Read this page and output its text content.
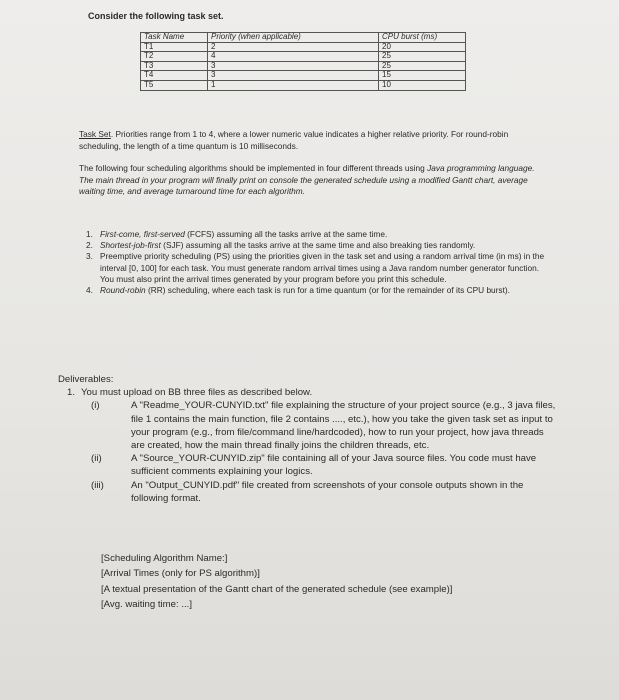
Consider the following task set.
Task Name	Priority (when applicable)	CPU burst (ms)
T1	2	20
T2	4	25
T3	3	25
T4	3	15
T5	1	10
Task Set. Priorities range from 1 to 4, where a lower numeric value indicates a higher relative priority. For round-robin scheduling, the length of a time quantum is 10 milliseconds.
The following four scheduling algorithms should be implemented in four different threads using Java programming language. The main thread in your program will finally print on console the generated schedule using a modified Gantt chart, average waiting time, and average turnaround time for each algorithm.
1. First-come, first-served (FCFS) assuming all the tasks arrive at the same time.
2. Shortest-job-first (SJF) assuming all the tasks arrive at the same time and also breaking ties randomly.
3. Preemptive priority scheduling (PS) using the priorities given in the task set and using a random arrival time (in ms) in the interval [0, 100] for each task. You must generate random arrival times using a Java random number generator function. You must also print the arrival times generated by your program before you print this schedule.
4. Round-robin (RR) scheduling, where each task is run for a time quantum (or for the remainder of its CPU burst).
Deliverables:
1. You must upload on BB three files as described below.
(i)	A "Readme_YOUR-CUNYID.txt" file explaining the structure of your project source (e.g., 3 java files, file 1 contains the main function, file 2 contains ...., etc.), how you take the given task set as input to your program (e.g., from file/command line/hardcoded), how to run your project, how java threads are created, how the main thread finally joins the children threads, etc.
(ii)	A "Source_YOUR-CUNYID.zip" file containing all of your Java source files. You code must have sufficient comments explaining your logics.
(iii)	An "Output_CUNYID.pdf" file created from screenshots of your console outputs shown in the following format.
[Scheduling Algorithm Name:]
[Arrival Times (only for PS algorithm)]
[A textual presentation of the Gantt chart of the generated schedule (see example)]
[Avg. waiting time: ...]
